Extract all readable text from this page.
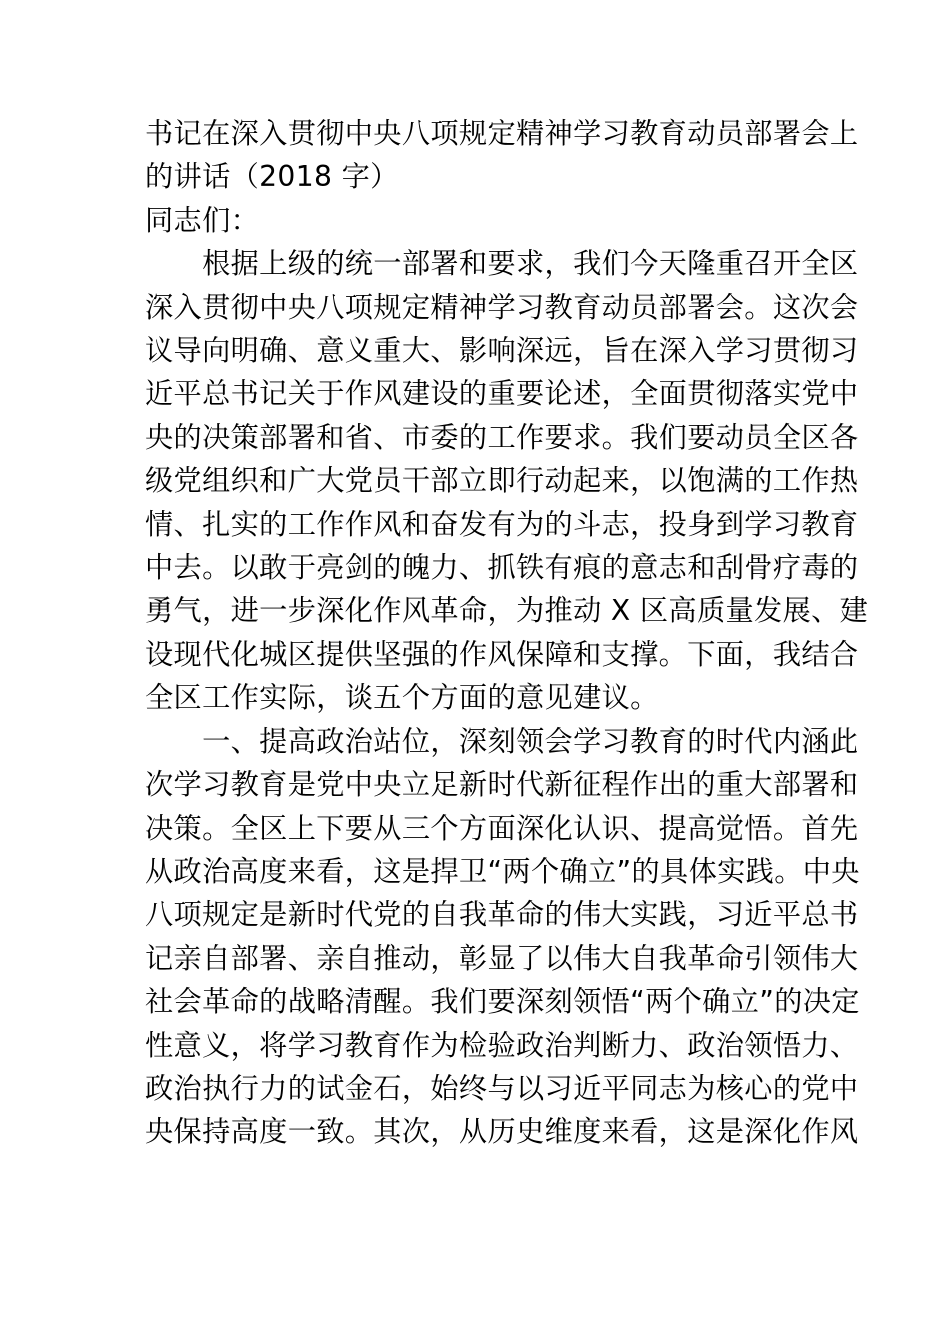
书记在深入贯彻中央八项规定精神学习教育动员部署会上
的讲话（2018 字）
同志们：
　　根据上级的统一部署和要求，我们今天隆重召开全区
深入贯彻中央八项规定精神学习教育动员部署会。这次会
议导向明确、意义重大、影响深远，旨在深入学习贯彻习
近平总书记关于作风建设的重要论述，全面贯彻落实党中
央的决策部署和省、市委的工作要求。我们要动员全区各
级党组织和广大党员干部立即行动起来，以饱满的工作热
情、扎实的工作作风和奋发有为的斗志，投身到学习教育
中去。以敢于亮剑的魄力、抓铁有痕的意志和刮骨疗毒的
勇气，进一步深化作风革命，为推动 X 区高质量发展、建
设现代化城区提供坚强的作风保障和支撑。下面，我结合
全区工作实际，谈五个方面的意见建议。
　　一、提高政治站位，深刻领会学习教育的时代内涵此
次学习教育是党中央立足新时代新征程作出的重大部署和
决策。全区上下要从三个方面深化认识、提高觉悟。首先
从政治高度来看，这是捍卫“两个确立”的具体实践。中央
八项规定是新时代党的自我革命的伟大实践，习近平总书
记亲自部署、亲自推动，彰显了以伟大自我革命引领伟大
社会革命的战略清醒。我们要深刻领悟“两个确立”的决定
性意义，将学习教育作为检验政治判断力、政治领悟力、
政治执行力的试金石，始终与以习近平同志为核心的党中
央保持高度一致。其次，从历史维度来看，这是深化作风
